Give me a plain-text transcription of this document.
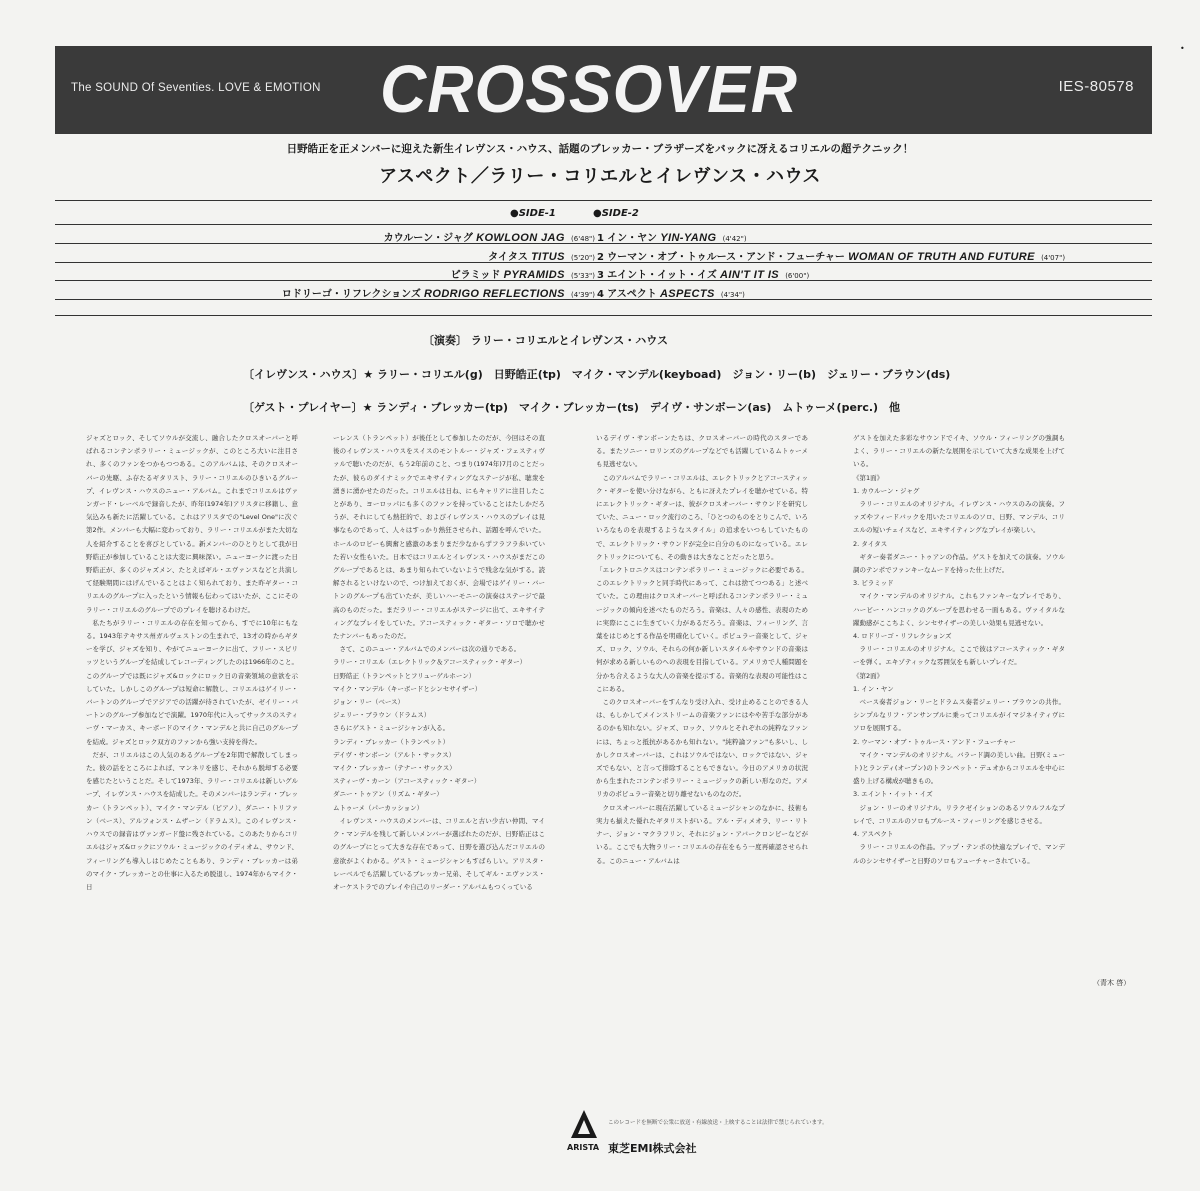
The SOUND Of Seventies. LOVE & EMOTION CROSSOVER	IES-80578
•
日野皓正を正メンバーに迎えた新生イレヴンス・ハウス、話題のブレッカー・ブラザーズをバックに冴えるコリエルの超テクニック！
アスペクト／ラリー・コリエルとイレヴンス・ハウス
●SIDE‐1	●SIDE‐2
カウルーン・ジャグ KOWLOON JAG (6'48")
タイタス TITUS (5'20")
ピラミッド PYRAMIDS (5'33")
ロドリーゴ・リフレクションズ RODRIGO REFLECTIONS (4'39")
1 イン・ヤン YIN-YANG (4'42")
2 ウーマン・オブ・トゥルース・アンド・フューチャー WOMAN OF TRUTH AND FUTURE (4'07")
3 エイント・イット・イズ AIN'T IT IS (6'00")
4 アスペクト ASPECTS (4'34")
〔演奏〕 ラリー・コリエルとイレヴンス・ハウス
〔イレヴンス・ハウス〕★ ラリー・コリエル(g)　日野皓正(tp)　マイク・マンデル(keyboad)　ジョン・リー(b)　ジェリー・ブラウン(ds)
〔ゲスト・プレイヤー〕★ ランディ・ブレッカー(tp)　マイク・ブレッカー(ts)　デイヴ・サンボーン(as)　ムトゥーメ(perc.)　他

ジャズとロック、そしてソウルが交流し、融合したクロスオーバーと呼ばれるコンテンポラリー・ミュージックが、このところ大いに注目され、多くのファンをつかもつつある。このアルバムは、そのクロスオーバーの先駆、ふ存たるギタリスト、ラリー・コリエルのひきいるグループ、イレヴンス・ハウスのニュー・アルバム。これまでコリエルはヴァンガード・レーベルで録音したが、昨年(1974年)アリスタに移籍し、意気込みも新たに活躍している。これはアリスタでの"Level One"に次ぐ第2作。メンバーも大幅に変わっており、ラリー・コリエルがまた大切な人を紹介することを喜びとしている。新メンバーのひとりとして我が日野皓正が参加していることは大変に興味深い。ニューヨークに渡った日野皓正が、多くのジャズメン、たとえばギル・エヴァンスなどと共演して経験期間にはげんでいることはよく知られており、また昨ギター・コリエルのグループに入ったという情報も伝わってはいたが、ここにそのラリー・コリエルのグループでのプレイを聴けるわけだ。

私たちがラリー・コリエルの存在を知ってから、すでに10年にもなる。1943年テキサス州ガルヴェストンの生まれで、13才の時からギターを学び、ジャズを知り、やがてニューヨークに出て、フリー・スピリッツというグループを結成してレコーディングしたのは1966年のこと。このグループでは既にジャズ&ロックにロック日の音楽領域の意欲を示していた。しかしこのグループは短命に解散し、コリエルはゲイリー・バートンのグループでアジアでの活躍が待されていたが、ゼイリー・バートンのグループ参加などで演躍。1970年代に入ってサックスのスティーヴ・マーカス、キーボードのマイク・マンデルと共に自己のグループを結成。ジャズとロック双方のファンから強い支持を得た。

だが、コリエルはこの人気のあるグループを2年間で解散してしまった。彼の話をところによれば、マンネリを感じ、それから脱却する必要を感じたということだ。そして1973年、ラリー・コリエルは新しいグループ、イレヴンス・ハウスを結成した。そのメンバーはランディ・ブレッカー（トランペット）、マイク・マンデル（ピアノ）、ダニー・トリファン（ベース）、アルフォンス・ムザーン（ドラムス）。このイレヴンス・ハウスでの録音はヴァンガード盤に残されている。このあたりからコリエルはジャズ&ロックにソウル・ミュージックのイディオム、サウンド、フィーリングも導入しはじめたこともあり、ランディ・ブレッカーは弟のマイク・ブレッカーとの仕事に入るため脱退し、1974年からマイク・日

ーレンス（トランペット）が後任として参加したのだが、今回はその直後のイレヴンス・ハウスをスイスのモントルー・ジャズ・フェスティヴァルで聴いたのだが、もう2年前のこと、つまり(1974年)7月のことだったが、彼らのダイナミックでエキサイティングなステージが私、聴衆を湧きに湧かせたのだった。コリエルは日ね、にもキャリアに注目したことがあり、ヨーロッパにも多くのファンを持っていることはたしかだろうが、それにしても熱狂的で、およびイレヴンス・ハウスのプレイは見事なものであって、人々はすっかり熱狂させられ、話題を呼んでいた。ホールのロビーも興奮と感激のあまりまだ少なからずフラフラ歩いていた若い女性もいた。日本ではコリエルとイレヴンス・ハウスがまだこのグループであるとは、あまり知られていないようで残念な気がする。読解されるといけないので、つけ加えておくが、会場ではゲイリー・バートンのグループも出ていたが、美しいハーモニーの演奏はステージで最高のものだった。まだラリー・コリエルがステージに出て、エキサイティングなプレイをしていた。アコースティック・ギター・ソロで聴かせたナンバーもあったのだ。

さて、このニュー・アルバムでのメンバーは次の通りである。

ラリー・コリエル（エレクトリック＆アコースティック・ギター）

日野皓正（トランペットとフリューゲルホーン）

マイク・マンデル（キーボードとシンセサイザー）

ジョン・リー（ベース）

ジェリー・ブラウン（ドラムス）

さらにゲスト・ミュージシャンが入る。

ランディ・ブレッカー（トランペット）

デイヴ・サンボーン（アルト・サックス）

マイク・ブレッカー（テナー・サックス）

スティーヴ・カーン（アコースティック・ギター）

ダニー・トゥアン（リズム・ギター）

ムトゥーメ（パーカッション）

イレヴンス・ハウスのメンバーは、コリエルと古い少古い仲間、マイク・マンデルを残して新しいメンバーが選ばれたのだが、日野皓正はこのグループにとって大きな存在であって、日野を選び込んだコリエルの意欲がよくわかる。ゲスト・ミュージシャンもすばらしい。アリスタ・レーベルでも活躍しているブレッカー兄弟、そしてギル・エヴァンス・オーケストラでのプレイや自己のリーダー・アルバムもつくっている

いるデイヴ・サンボーンたちは、クロスオーバーの時代のスターである。またソニー・ロリンズのグループなどでも活躍しているムトゥーメも見逃せない。

このアルバムでラリー・コリエルは、エレクトリックとアコースティック・ギターを使い分けながら、ともに冴えたプレイを聴かせている。特にエレクトリック・ギターは、彼がクロスオーバー・サウンドを研究していた、ニュー・ロック流行のころ、「ひとつのものをとりこんで、いろいろなものを表現するようなスタイル」の追求をいつもしていたもので、エレクトリック・サウンドが完全に自分のものになっている。エレクトリックについても、その動きは大きなことだったと思う。

「エレクトロニクスはコンテンポラリー・ミュージックに必要である。このエレクトリックと同手時代にあって、これは捨てつつある」と述べていた。この理由はクロスオーバーと呼ばれるコンテンポラリー・ミュージックの傾向を述べたものだろう。音楽は、人々の感性、表現のために実際にここに生きていく力があるだろう。音楽は、フィーリング、言葉をはじめとする作品を明確化していく。ポピュラー音楽として、ジャズ、ロック、ソウル、それらの何か新しいスタイルやサウンドの音楽は何が求める新しいものへの表現を目指している。アメリカで人種問題を分かち合えるような大人の音楽を提示する。音楽的な表現の可能性はここにある。

このクロスオーバーをすんなり受け入れ、受け止めることのできる人は、もしかしてメインストリームの音楽ファンにはやや苦手な部分があるのかも知れない。ジャズ、ロック、ソウルとそれぞれの純粋なファンには、ちょっと抵抗があるかも知れない。"純粋論ファン"も多いし、しかしクロスオーバーは、これはソウルではない、ロックではない、ジャズでもない、と言って排除することもできない。今日のアメリカの状況から生まれたコンテンポラリー・ミュージックの新しい形なのだ。アメリカのポピュラー音楽と切り離せないものなのだ。

クロスオーバーに現在活躍しているミュージシャンのなかに、技術も実力も揃えた優れたギタリストがいる。アル・ディメオラ、リー・リトナー、ジョン・マクラフリン、それにジョン・アバークロンビーなどがいる。ここでも大物ラリー・コリエルの存在をもう一度再確認させられる。このニュー・アルバムは

ゲストを加えた多彩なサウンドでイキ、ソウル・フィーリングの強調もよく、ラリー・コリエルの新たな展開を示していて大きな成果を上げている。

《第1面》

1. カウルーン・ジャグ

ラリー・コリエルのオリジナル。イレヴンス・ハウスのみの演奏。ファズやフィードバックを用いたコリエルのソロ、日野、マンデル、コリエルの短いチェイスなど、エキサイティングなプレイが楽しい。

2. タイタス

ギター奏者ダニー・トゥアンの作品。ゲストを加えての演奏。ソウル調のテンポでファンキーなムードを持った仕上げだ。

3. ピラミッド

マイク・マンデルのオリジナル。これもファンキーなプレイであり、ハービー・ハンコックのグループを思わせる一面もある。ヴァイタルな躍動感がここちよく、シンセサイザーの美しい効果も見逃せない。

4. ロドリーゴ・リフレクションズ

ラリー・コリエルのオリジナル。ここで彼はアコースティック・ギターを弾く。エキゾティックな雰囲気をも新しいプレイだ。

《第2面》

1. イン・ヤン

ベース奏者ジョン・リーとドラムス奏者ジェリー・ブラウンの共作。シンプルなリフ・アンサンブルに乗ってコリエルがイマジネイティヴにソロを展開する。

2. ウーマン・オブ・トゥルース・アンド・フューチャー

マイク・マンデルのオリジナル。バラード調の美しい曲。日野(ミュート)とランディ(オープン)のトランペット・デュオからコリエルを中心に盛り上げる構成が聴きもの。

3. エイント・イット・イズ

ジョン・リーのオリジナル。リラクゼイションのあるソウルフルなプレイで、コリエルのソロもブルース・フィーリングを感じさせる。

4. アスペクト

ラリー・コリエルの作品。アップ・テンポの快適なプレイで、マンデルのシンセサイザーと日野のソロもフューチャーされている。

（青木 啓）
ARISTA
このレコードを無断で公衆に放送・有線放送・上映することは法律で禁じられています。
東芝EMI株式会社
